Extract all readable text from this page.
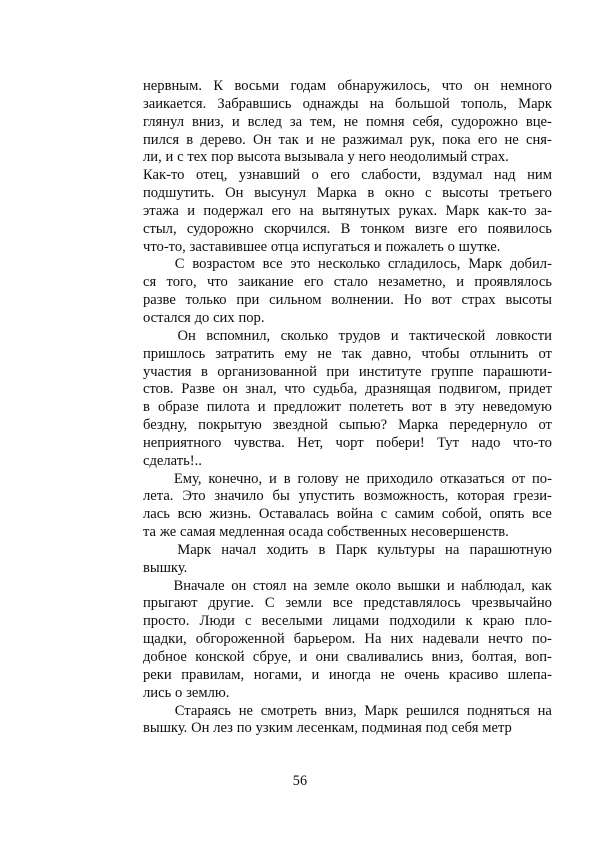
нервным. К восьми годам обнаружилось, что он немного
заикается. Забравшись однажды на большой тополь, Марк
глянул вниз, и вслед за тем, не помня себя, судорожно вце-
пился в дерево. Он так и не разжимал рук, пока его не сня-
ли, и с тех пор высота вызывала у него неодолимый страх.
Как-то отец, узнавший о его слабости, вздумал над ним
подшутить. Он высунул Марка в окно с высоты третьего
этажа и подержал его на вытянутых руках. Марк как-то за-
стыл, судорожно скорчился. В тонком визге его появилось
что-то, заставившее отца испугаться и пожалеть о шутке.
С возрастом все это несколько сгладилось, Марк добил-
ся того, что заикание его стало незаметно, и проявлялось
разве только при сильном волнении. Но вот страх высоты
остался до сих пор.
Он вспомнил, сколько трудов и тактической ловкости
пришлось затратить ему не так давно, чтобы отлынить от
участия в организованной при институте группе парашюти-
стов. Разве он знал, что судьба, дразнящая подвигом, придет
в образе пилота и предложит полететь вот в эту неведомую
бездну, покрытую звездной сыпью? Марка передернуло от
неприятного чувства. Нет, чорт побери! Тут надо что-то
сделать!..
Ему, конечно, и в голову не приходило отказаться от по-
лета. Это значило бы упустить возможность, которая грези-
лась всю жизнь. Оставалась война с самим собой, опять все
та же самая медленная осада собственных несовершенств.
Марк начал ходить в Парк культуры на парашютную
вышку.
Вначале он стоял на земле около вышки и наблюдал, как
прыгают другие. С земли все представлялось чрезвычайно
просто. Люди с веселыми лицами подходили к краю пло-
щадки, обгороженной барьером. На них надевали нечто по-
добное конской сбруе, и они сваливались вниз, болтая, воп-
реки правилам, ногами, и иногда не очень красиво шлепа-
лись о землю.
Стараясь не смотреть вниз, Марк решился подняться на
вышку. Он лез по узким лесенкам, подминая под себя метр
56
